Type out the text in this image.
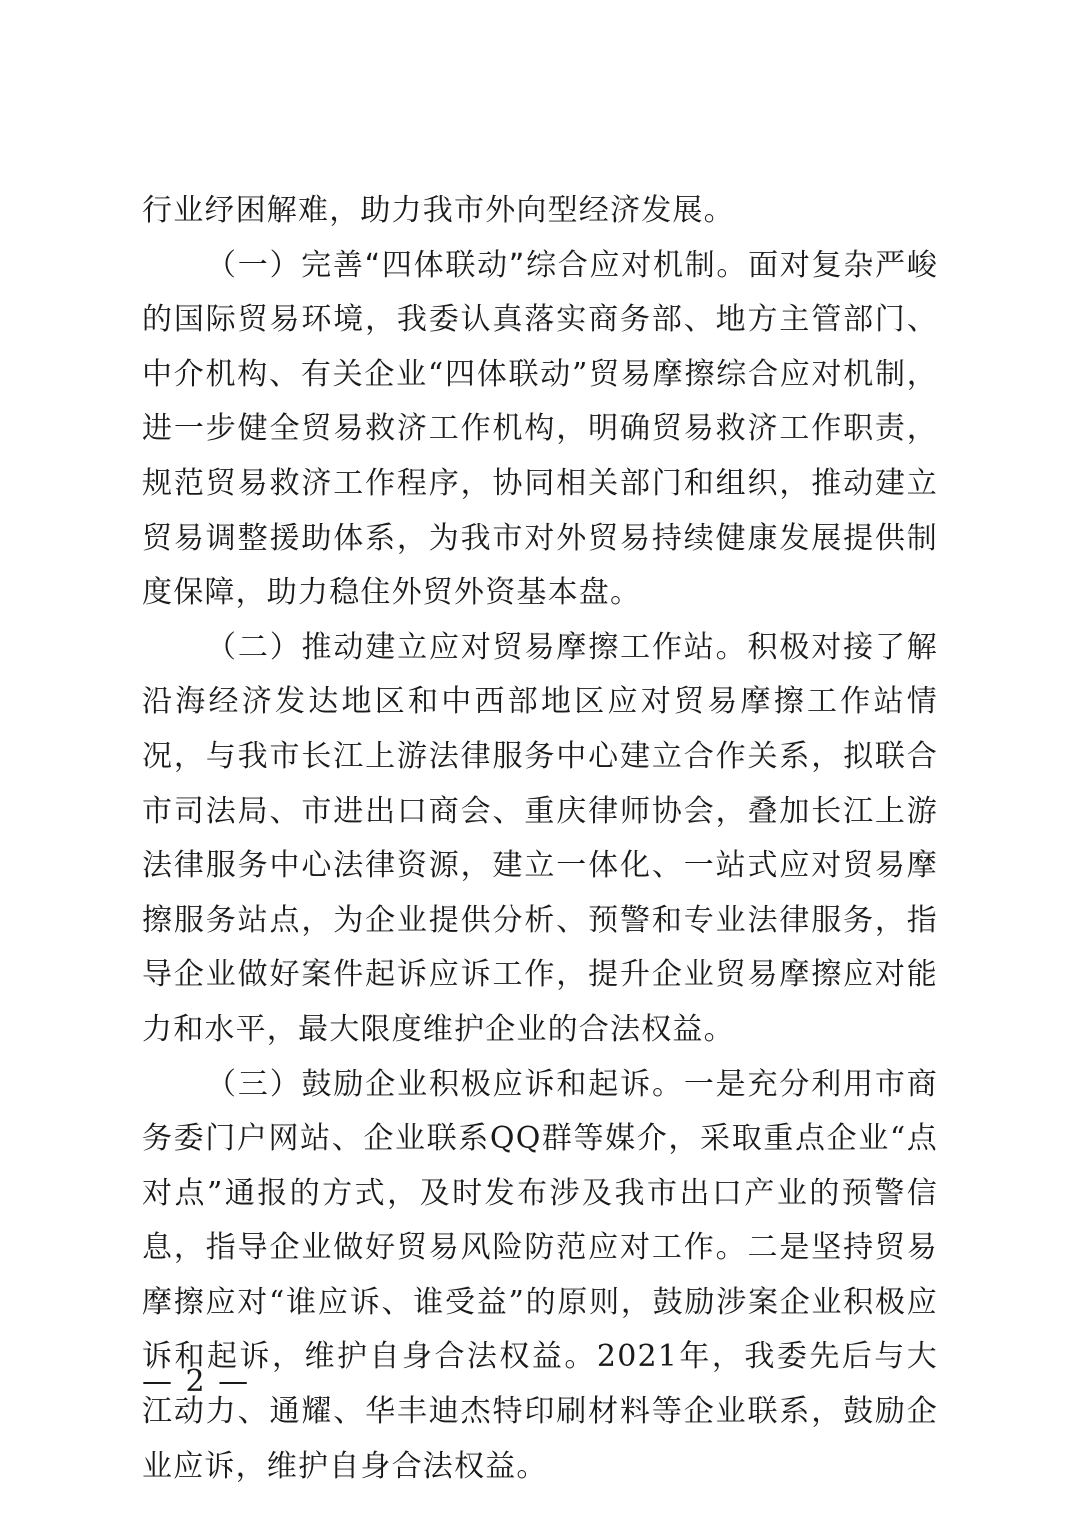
行业纾困解难，助力我市外向型经济发展。

（一）完善“四体联动”综合应对机制。面对复杂严峻的国际贸易环境，我委认真落实商务部、地方主管部门、中介机构、有关企业“四体联动”贸易摩擦综合应对机制，进一步健全贸易救济工作机构，明确贸易救济工作职责，规范贸易救济工作程序，协同相关部门和组织，推动建立贸易调整援助体系，为我市对外贸易持续健康发展提供制度保障，助力稳住外贸外资基本盘。

（二）推动建立应对贸易摩擦工作站。积极对接了解沿海经济发达地区和中西部地区应对贸易摩擦工作站情况，与我市长江上游法律服务中心建立合作关系，拟联合市司法局、市进出口商会、重庆律师协会，叠加长江上游法律服务中心法律资源，建立一体化、一站式应对贸易摩擦服务站点，为企业提供分析、预警和专业法律服务，指导企业做好案件起诉应诉工作，提升企业贸易摩擦应对能力和水平，最大限度维护企业的合法权益。

（三）鼓励企业积极应诉和起诉。一是充分利用市商务委门户网站、企业联系QQ群等媒介，采取重点企业“点对点”通报的方式，及时发布涉及我市出口产业的预警信息，指导企业做好贸易风险防范应对工作。二是坚持贸易摩擦应对“谁应诉、谁受益”的原则，鼓励涉案企业积极应诉和起诉，维护自身合法权益。2021年，我委先后与大江动力、通耀、华丰迪杰特印刷材料等企业联系，鼓励企业应诉，维护自身合法权益。

— 2 —
